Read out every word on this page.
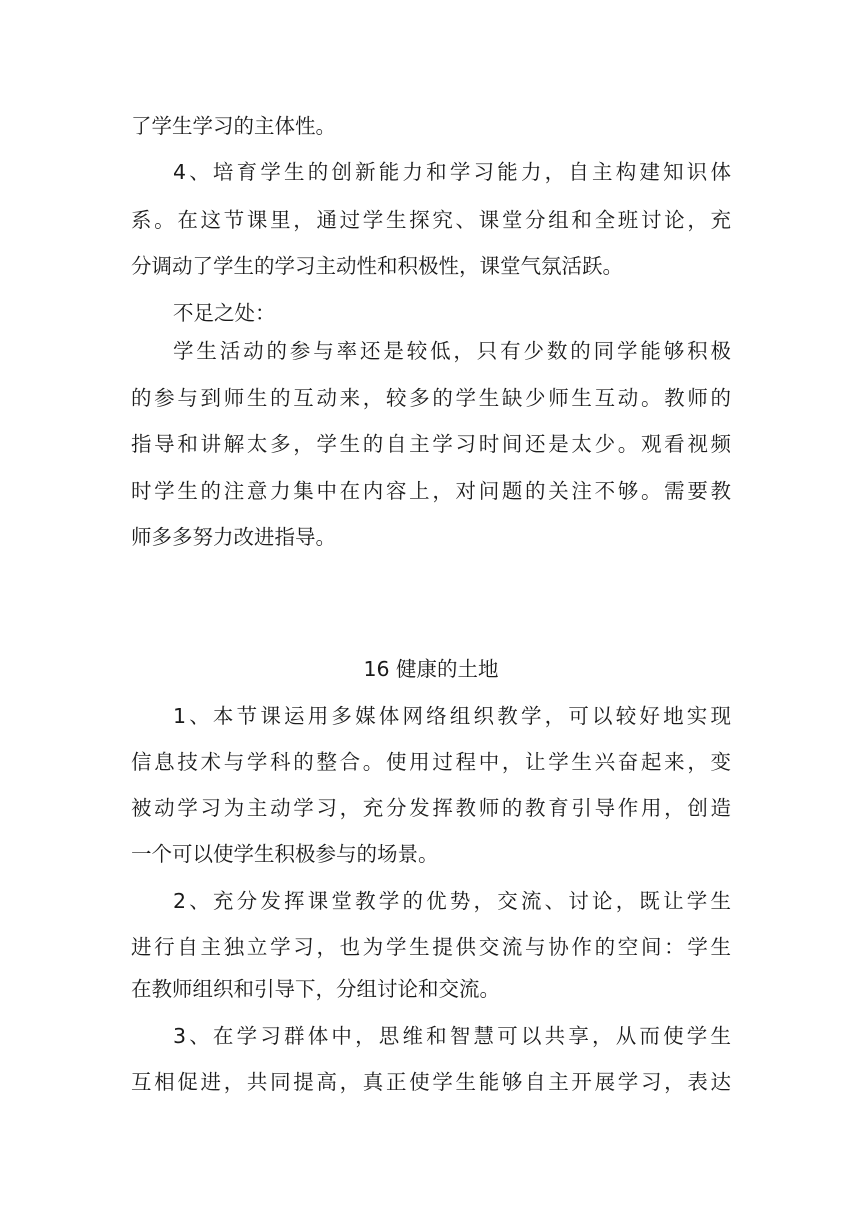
了学生学习的主体性。
4、培育学生的创新能力和学习能力，自主构建知识体
系。在这节课里，通过学生探究、课堂分组和全班讨论，充
分调动了学生的学习主动性和积极性，课堂气氛活跃。
不足之处：
学生活动的参与率还是较低，只有少数的同学能够积极
的参与到师生的互动来，较多的学生缺少师生互动。教师的
指导和讲解太多，学生的自主学习时间还是太少。观看视频
时学生的注意力集中在内容上，对问题的关注不够。需要教
师多多努力改进指导。
16 健康的土地
1、本节课运用多媒体网络组织教学，可以较好地实现
信息技术与学科的整合。使用过程中，让学生兴奋起来，变
被动学习为主动学习，充分发挥教师的教育引导作用，创造
一个可以使学生积极参与的场景。
2、充分发挥课堂教学的优势，交流、讨论，既让学生
进行自主独立学习，也为学生提供交流与协作的空间：学生
在教师组织和引导下，分组讨论和交流。
3、在学习群体中，思维和智慧可以共享，从而使学生
互相促进，共同提高，真正使学生能够自主开展学习，表达
